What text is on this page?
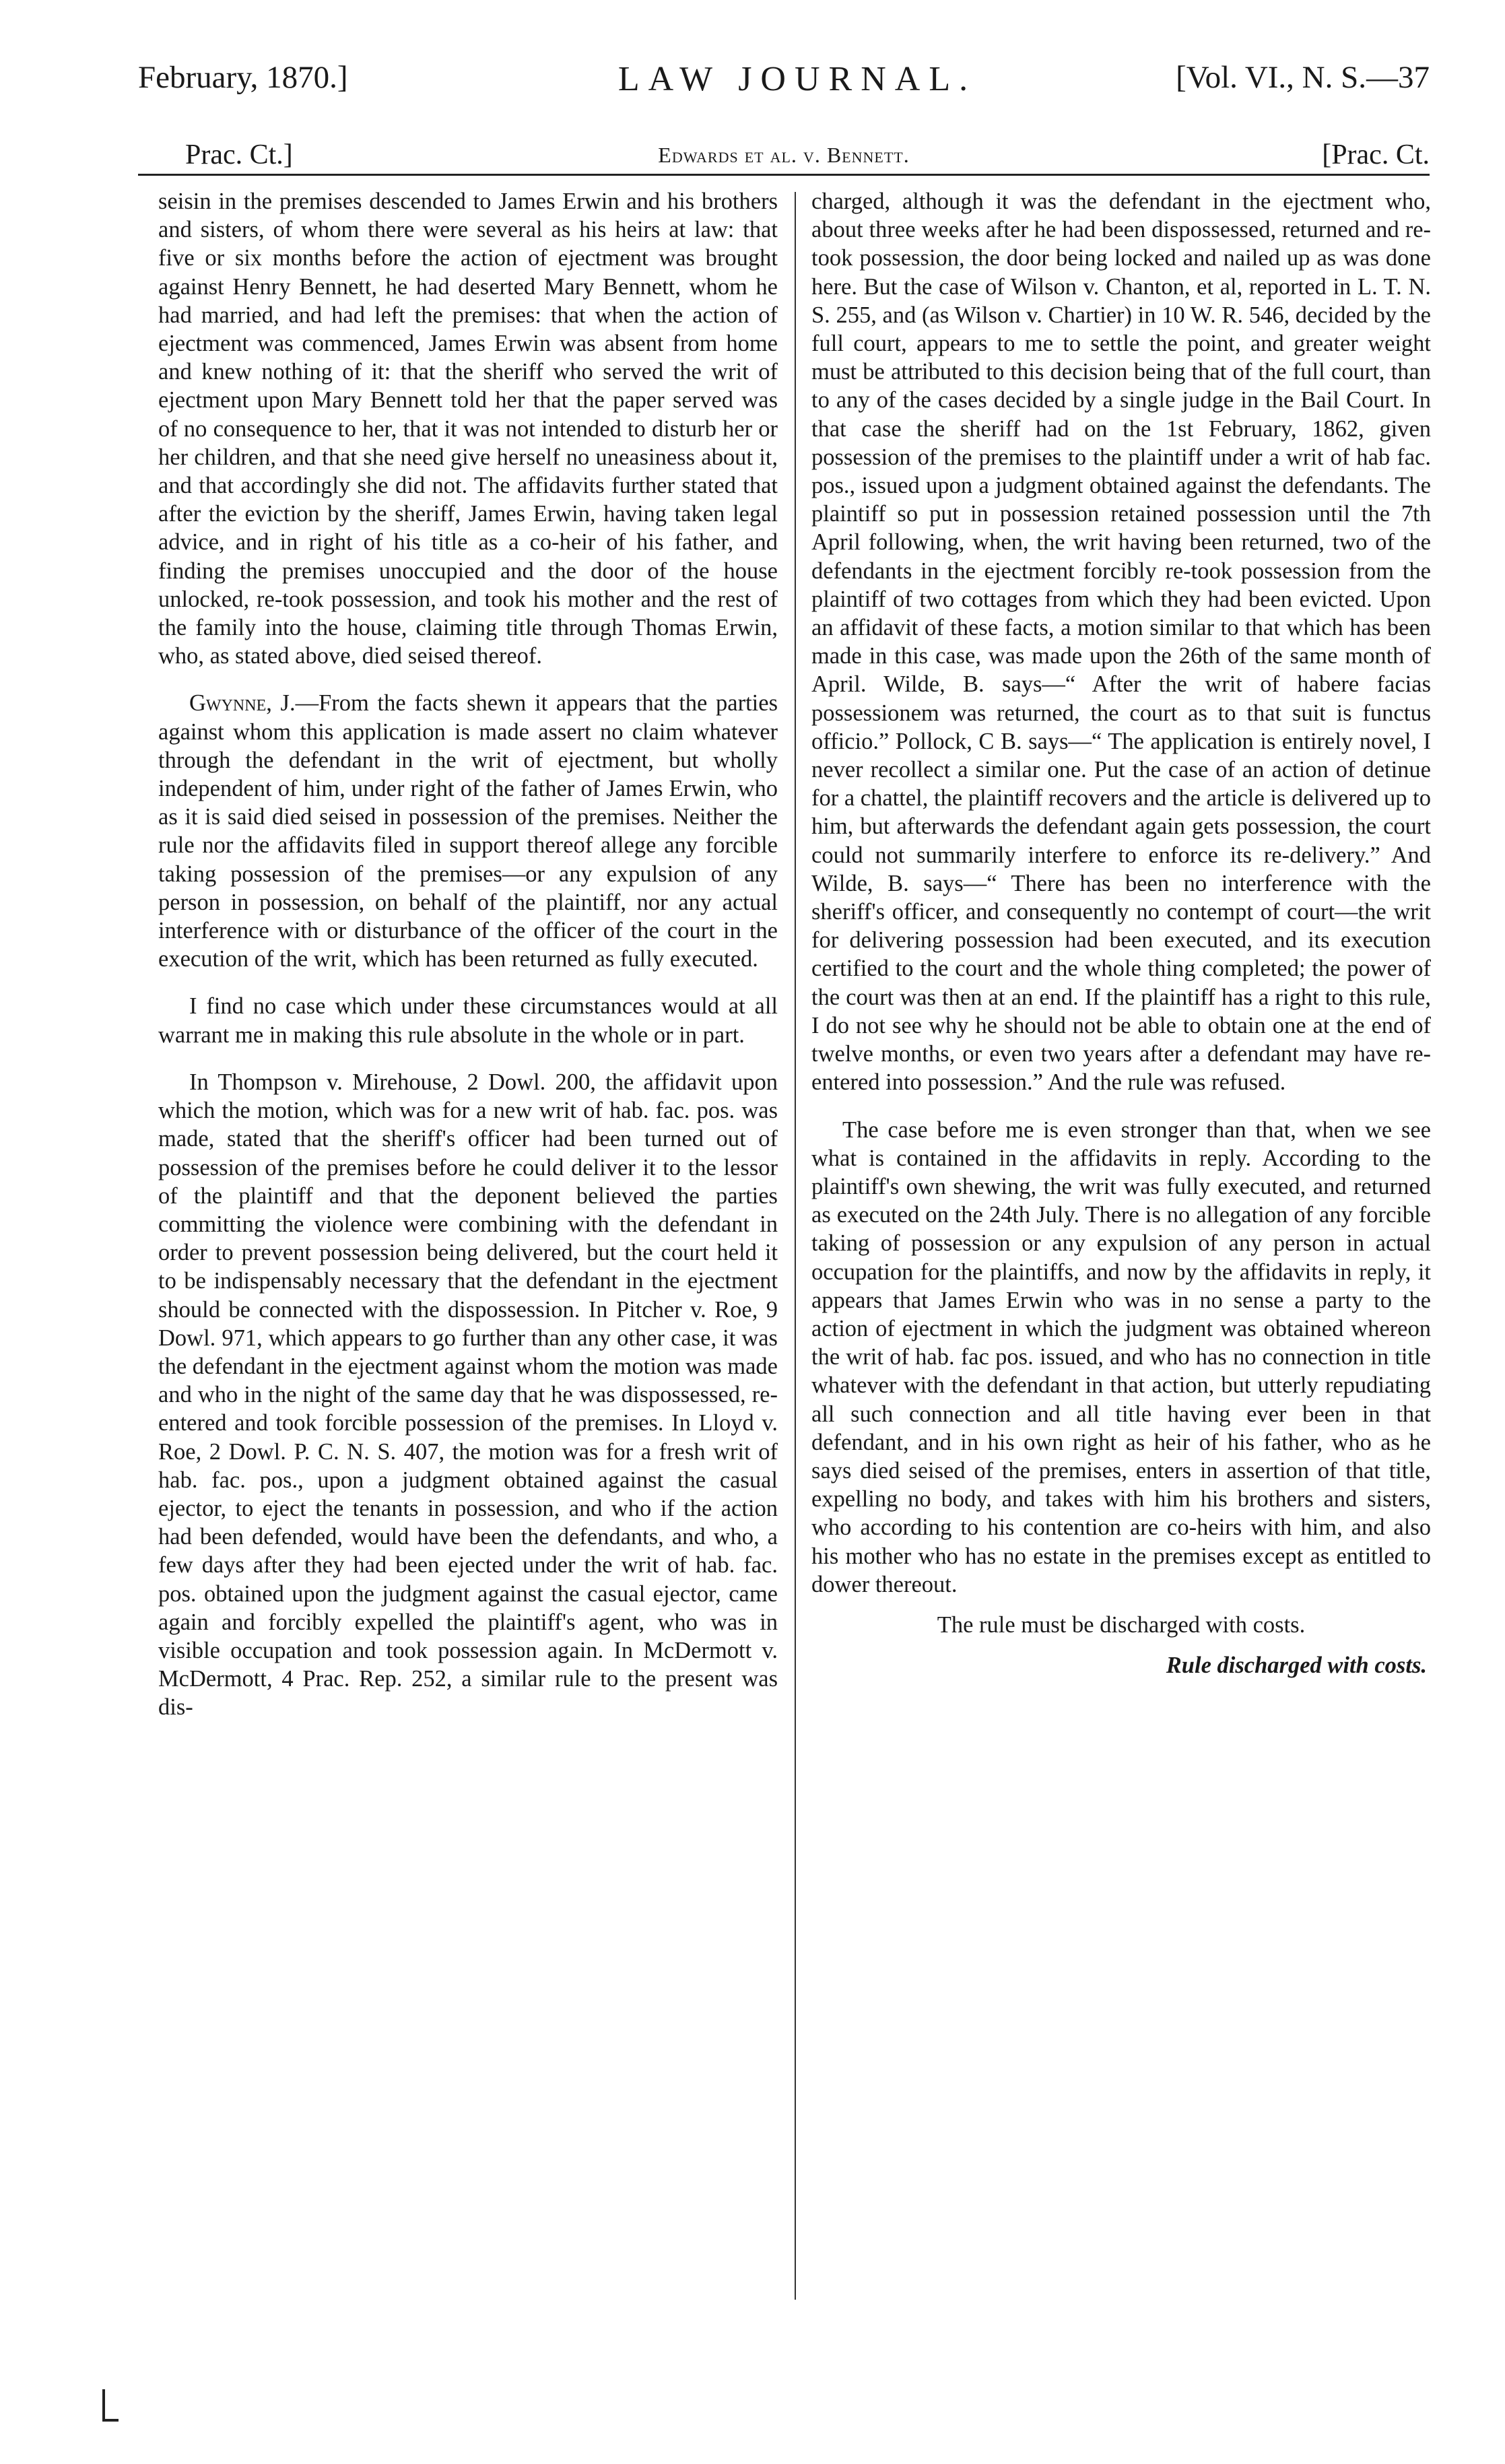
February, 1870.]	LAW JOURNAL.	[Vol. VI., N. S.—37
Prac. Ct.]	Edwards et al. v. Bennett.	[Prac. Ct.

seisin in the premises descended to James Erwin and his brothers and sisters, of whom there were several as his heirs at law: that five or six months before the action of ejectment was brought against Henry Bennett, he had deserted Mary Bennett, whom he had married, and had left the premises: that when the action of ejectment was commenced, James Erwin was absent from home and knew nothing of it: that the sheriff who served the writ of ejectment upon Mary Bennett told her that the paper served was of no consequence to her, that it was not intended to disturb her or her children, and that she need give herself no uneasiness about it, and that accordingly she did not. The affidavits further stated that after the eviction by the sheriff, James Erwin, having taken legal advice, and in right of his title as a co-heir of his father, and finding the premises unoccupied and the door of the house unlocked, re-took possession, and took his mother and the rest of the family into the house, claiming title through Thomas Erwin, who, as stated above, died seised thereof.

Gwynne, J.—From the facts shewn it appears that the parties against whom this application is made assert no claim whatever through the defendant in the writ of ejectment, but wholly independent of him, under right of the father of James Erwin, who as it is said died seised in possession of the premises. Neither the rule nor the affidavits filed in support thereof allege any forcible taking possession of the premises—or any expulsion of any person in possession, on behalf of the plaintiff, nor any actual interference with or disturbance of the officer of the court in the execution of the writ, which has been returned as fully executed.

I find no case which under these circumstances would at all warrant me in making this rule absolute in the whole or in part.

In Thompson v. Mirehouse, 2 Dowl. 200, the affidavit upon which the motion, which was for a new writ of hab. fac. pos. was made, stated that the sheriff's officer had been turned out of possession of the premises before he could deliver it to the lessor of the plaintiff and that the deponent believed the parties committing the violence were combining with the defendant in order to prevent possession being delivered, but the court held it to be indispensably necessary that the defendant in the ejectment should be connected with the dispossession. In Pitcher v. Roe, 9 Dowl. 971, which appears to go further than any other case, it was the defendant in the ejectment against whom the motion was made and who in the night of the same day that he was dispossessed, re-entered and took forcible possession of the premises. In Lloyd v. Roe, 2 Dowl. P. C. N. S. 407, the motion was for a fresh writ of hab. fac. pos., upon a judgment obtained against the casual ejector, to eject the tenants in possession, and who if the action had been defended, would have been the defendants, and who, a few days after they had been ejected under the writ of hab. fac. pos. obtained upon the judgment against the casual ejector, came again and forcibly expelled the plaintiff's agent, who was in visible occupation and took possession again. In McDermott v. McDermott, 4 Prac. Rep. 252, a similar rule to the present was dis-

charged, although it was the defendant in the ejectment who, about three weeks after he had been dispossessed, returned and re-took possession, the door being locked and nailed up as was done here. But the case of Wilson v. Chanton, et al, reported in L. T. N. S. 255, and (as Wilson v. Chartier) in 10 W. R. 546, decided by the full court, appears to me to settle the point, and greater weight must be attributed to this decision being that of the full court, than to any of the cases decided by a single judge in the Bail Court. In that case the sheriff had on the 1st February, 1862, given possession of the premises to the plaintiff under a writ of hab fac. pos., issued upon a judgment obtained against the defendants. The plaintiff so put in possession retained possession until the 7th April following, when, the writ having been returned, two of the defendants in the ejectment forcibly re-took possession from the plaintiff of two cottages from which they had been evicted. Upon an affidavit of these facts, a motion similar to that which has been made in this case, was made upon the 26th of the same month of April. Wilde, B. says—“ After the writ of habere facias possessionem was returned, the court as to that suit is functus officio.” Pollock, C B. says—“ The application is entirely novel, I never recollect a similar one. Put the case of an action of detinue for a chattel, the plaintiff recovers and the article is delivered up to him, but afterwards the defendant again gets possession, the court could not summarily interfere to enforce its re-delivery.” And Wilde, B. says—“ There has been no interference with the sheriff's officer, and consequently no contempt of court—the writ for delivering possession had been executed, and its execution certified to the court and the whole thing completed; the power of the court was then at an end. If the plaintiff has a right to this rule, I do not see why he should not be able to obtain one at the end of twelve months, or even two years after a defendant may have re-entered into possession.” And the rule was refused.

The case before me is even stronger than that, when we see what is contained in the affidavits in reply. According to the plaintiff's own shewing, the writ was fully executed, and returned as executed on the 24th July. There is no allegation of any forcible taking of possession or any expulsion of any person in actual occupation for the plaintiffs, and now by the affidavits in reply, it appears that James Erwin who was in no sense a party to the action of ejectment in which the judgment was obtained whereon the writ of hab. fac pos. issued, and who has no connection in title whatever with the defendant in that action, but utterly repudiating all such connection and all title having ever been in that defendant, and in his own right as heir of his father, who as he says died seised of the premises, enters in assertion of that title, expelling no body, and takes with him his brothers and sisters, who according to his contention are co-heirs with him, and also his mother who has no estate in the premises except as entitled to dower thereout.

The rule must be discharged with costs.

Rule discharged with costs.
